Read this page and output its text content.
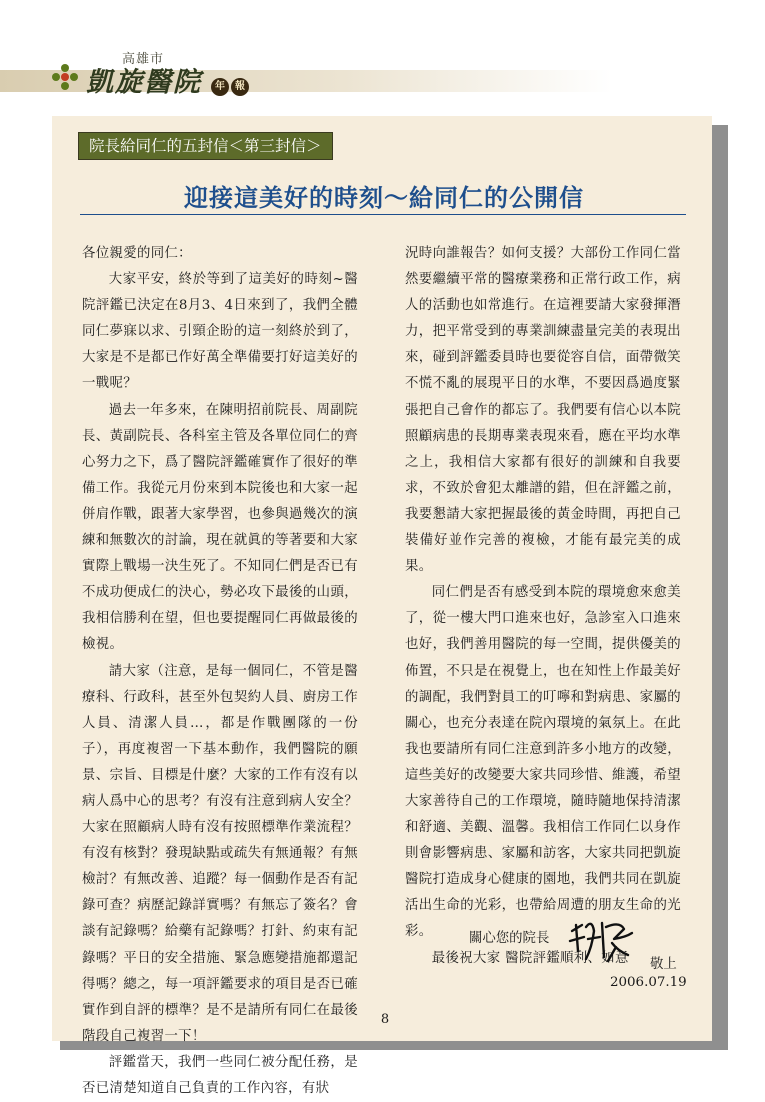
高雄市
凱旋醫院	年	報
院長給同仁的五封信＜第三封信＞
迎接這美好的時刻～給同仁的公開信

各位親愛的同仁：

大家平安，終於等到了這美好的時刻~醫院評鑑已決定在8月3、4日來到了，我們全體同仁夢寐以求、引頸企盼的這一刻終於到了，大家是不是都已作好萬全準備要打好這美好的一戰呢？

過去一年多來，在陳明招前院長、周副院長、黃副院長、各科室主管及各單位同仁的齊心努力之下，爲了醫院評鑑確實作了很好的準備工作。我從元月份來到本院後也和大家一起併肩作戰，跟著大家學習，也參與過幾次的演練和無數次的討論，現在就眞的等著要和大家實際上戰場一決生死了。不知同仁們是否已有不成功便成仁的決心，勢必攻下最後的山頭，我相信勝利在望，但也要提醒同仁再做最後的檢視。

請大家（注意，是每一個同仁，不管是醫療科、行政科，甚至外包契約人員、廚房工作人員、清潔人員…，都是作戰團隊的一份子），再度複習一下基本動作，我們醫院的願景、宗旨、目標是什麼？大家的工作有沒有以病人爲中心的思考？有沒有注意到病人安全？大家在照顧病人時有沒有按照標準作業流程？有沒有核對？發現缺點或疏失有無通報？有無檢討？有無改善、追蹤？每一個動作是否有記錄可查？病歷記錄詳實嗎？有無忘了簽名？會談有記錄嗎？給藥有記錄嗎？打針、約束有記錄嗎？平日的安全措施、緊急應變措施都還記得嗎？總之，每一項評鑑要求的項目是否已確實作到自評的標準？是不是請所有同仁在最後階段自己複習一下！

評鑑當天，我們一些同仁被分配任務，是否已清楚知道自己負責的工作內容，有狀

況時向誰報告？如何支援？大部份工作同仁當然要繼續平常的醫療業務和正常行政工作，病人的活動也如常進行。在這裡要請大家發揮潛力，把平常受到的專業訓練盡量完美的表現出來，碰到評鑑委員時也要從容自信，面帶微笑不慌不亂的展現平日的水準，不要因爲過度緊張把自己會作的都忘了。我們要有信心以本院照顧病患的長期專業表現來看，應在平均水準之上，我相信大家都有很好的訓練和自我要求，不致於會犯太離譜的錯，但在評鑑之前，我要懇請大家把握最後的黃金時間，再把自己裝備好並作完善的複檢，才能有最完美的成果。

同仁們是否有感受到本院的環境愈來愈美了，從一樓大門口進來也好，急診室入口進來也好，我們善用醫院的每一空間，提供優美的佈置，不只是在視覺上，也在知性上作最美好的調配，我們對員工的叮嚀和對病患、家屬的關心，也充分表達在院內環境的氣氛上。在此我也要請所有同仁注意到許多小地方的改變，這些美好的改變要大家共同珍惜、維護，希望大家善待自己的工作環境，隨時隨地保持清潔和舒適、美觀、溫馨。我相信工作同仁以身作則會影響病患、家屬和訪客，大家共同把凱旋醫院打造成身心健康的園地，我們共同在凱旋活出生命的光彩，也帶給周遭的朋友生命的光彩。

最後祝大家 醫院評鑑順利、如意

關心您的院長
敬上
2006.07.19
8
